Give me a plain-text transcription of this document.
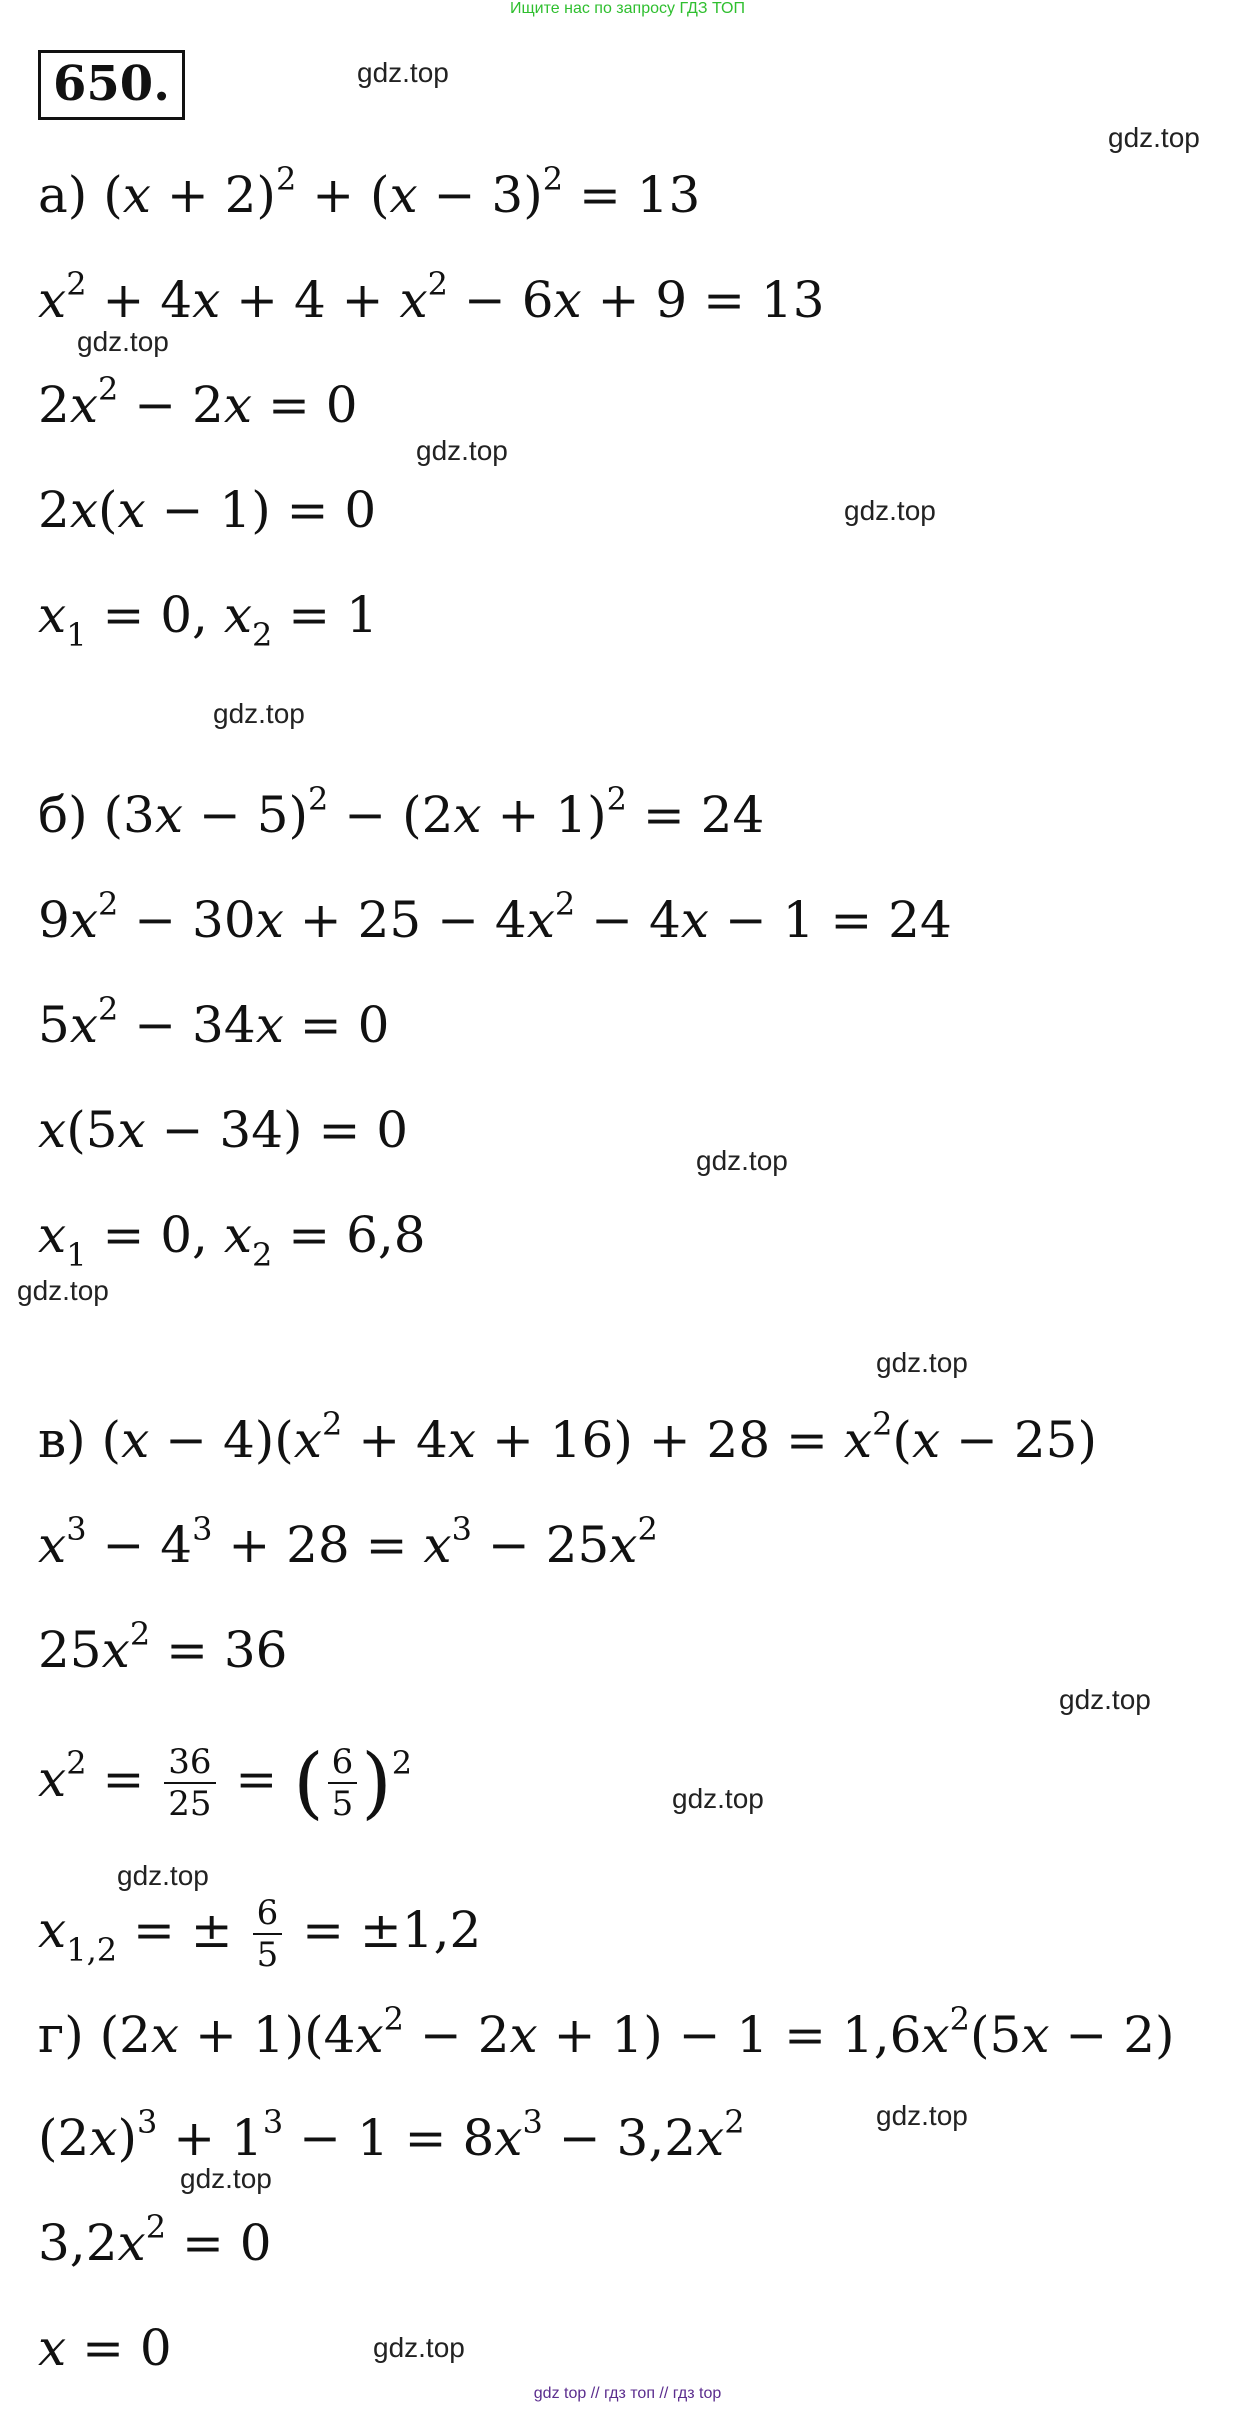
Ищите нас по запросу ГДЗ ТОП
650.	gdz.top
gdz.top
gdz.top
gdz.top
gdz.top
gdz.top
gdz.top
gdz.top
gdz.top
gdz.top
gdz.top
gdz.top
gdz.top
gdz.top
gdz.top
а) $(x + 2)^2 + (x - 3)^2 = 13$
$x^2 + 4x + 4 + x^2 - 6x + 9 = 13$
$2x^2 - 2x = 0$
2x(x − 1) = 0
$x_1 = 0$, $x_2 = 1$
б) $(3x - 5)^2 - (2x + 1)^2 = 24$
$9x^2 - 30x + 25 - 4x^2 - 4x - 1 = 24$
$5x^2 - 34x = 0$
x(5x − 34) = 0
$x_1 = 0$, $x_2 = 6,8$
в) $(x - 4)(x^2 + 4x + 16) + 28 = x^2(x - 25)$
$x^3 - 4^3 + 28 = x^3 - 25x^2$
$25x^2 = 36$
$x^2 = \frac{36}{25}$ = ( $\frac{6}{5} )^2$
$x_{1,2}$ = ± $\frac{6}{5} = \pm 1,2$
г) $(2x + 1)(4x^2 - 2x + 1) - 1 = 1,6x^2(5x - 2)$
$(2x)^3 + 1^3 - 1 = 8x^3 - 3,2x^2$
$3,2x^2 = 0$
x = 0
gdz top // гдз топ // гдз top
